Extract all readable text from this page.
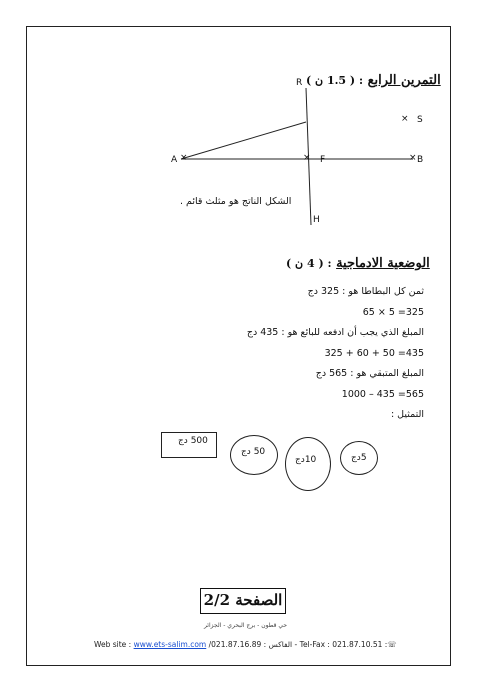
التمرين الرابع : ( 1.5 ن )
R
× S
A ×	× F	× B
H
الشكل الناتج هو مثلث قائم .
الوضعية الادماجية : ( 4 ن )
ثمن كل البطاطا هو : 325 دج
65 × 5 =325
المبلغ الذي يجب أن ادفعه للبائع هو : 435 دج
325 + 60 + 50 =435
المبلغ المتبقي هو : 565 دج
1000 – 435 =565
التمثيل :
500 دج
50 دج
10دج	5دج
الصفحة 2/2
حي قطون - برج البحري - الجزائر
Web site : www.ets-salim.com /021.87.16.89 : الفاكس - Tel-Fax : 021.87.10.51 :☏
